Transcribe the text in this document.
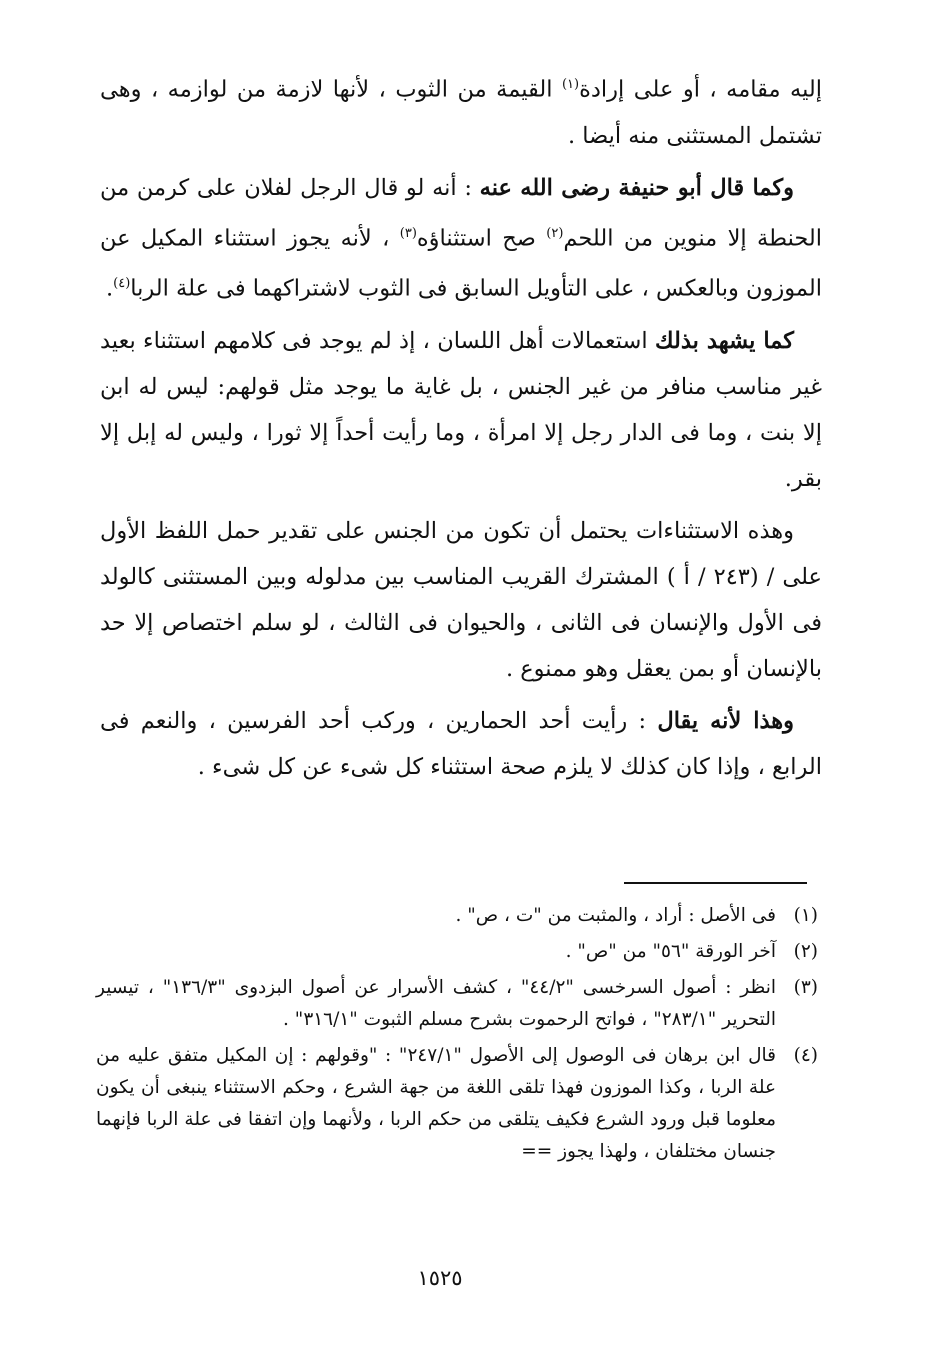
إليه مقامه ، أو على إرادة$^{(١)}$ القيمة من الثوب ، لأنها لازمة من لوازمه ، وهى تشتمل المستثنى منه أيضا .

وكما قال أبو حنيفة رضى الله عنه : أنه لو قال الرجل لفلان على كرمن من الحنطة إلا منوين من اللحم$^{(٢)}$ صح استثناؤه$^{(٣)}$ ، لأنه يجوز استثناء المكيل عن الموزون وبالعكس ، على التأويل السابق فى الثوب لاشتراكهما فى علة الربا$^{(٤)}$.

كما يشهد بذلك استعمالات أهل اللسان ، إذ لم يوجد فى كلامهم استثناء بعيد غير مناسب منافر من غير الجنس ، بل غاية ما يوجد مثل قولهم: ليس له ابن إلا بنت ، وما فى الدار رجل إلا امرأة ، وما رأيت أحداً إلا ثورا ، وليس له إبل إلا بقر.

وهذه الاستثناءات يحتمل أن تكون من الجنس على تقدير حمل اللفظ الأول على / (٢٤٣ / أ ) المشترك القريب المناسب بين مدلوله وبين المستثنى كالولد فى الأول والإنسان فى الثانى ، والحيوان فى الثالث ، لو سلم اختصاص إلا حد بالإنسان أو بمن يعقل وهو ممنوع .

وهذا لأنه يقال : رأيت أحد الحمارين ، وركب أحد الفرسين ، والنعم فى الرابع ، وإذا كان كذلك لا يلزم صحة استثناء كل شىء عن كل شىء .

(١)
فى الأصل : أراد ، والمثبت من "ت ، ص" .
(٢)
آخر الورقة "٥٦" من "ص" .
(٣)
انظر : أصول السرخسى "٤٤/٢" ، كشف الأسرار عن أصول البزدوى "١٣٦/٣" ، تيسير التحرير "٢٨٣/١" ، فواتح الرحموت بشرح مسلم الثبوت "٣١٦/١" .
(٤)
قال ابن برهان فى الوصول إلى الأصول "٢٤٧/١" : "وقولهم : إن المكيل متفق عليه من علة الربا ، وكذا الموزون فهذا تلقى اللغة من جهة الشرع ، وحكم الاستثناء ينبغى أن يكون معلوما قبل ورود الشرع فكيف يتلقى من حكم الربا ، ولأنهما وإن اتفقا فى علة الربا فإنهما جنسان مختلفان ، ولهذا يجوز ==
١٥٢٥
